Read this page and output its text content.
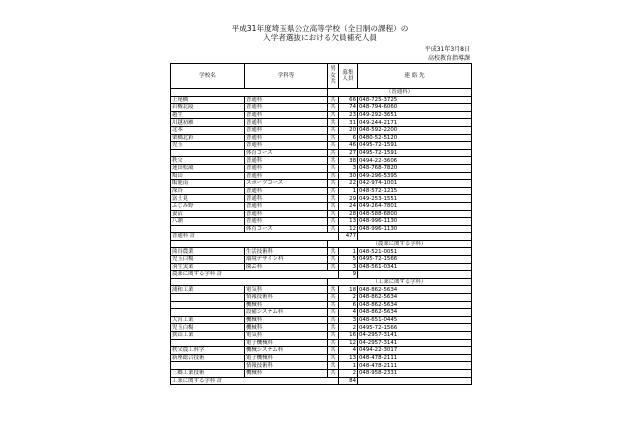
平成31年度埼玉県公立高等学校（全日制の課程）の
入学者選抜における欠員補充人員
平成31年3月8日
高校教育指導課
学校名	学科等	男女共	募集人員	連 絡 先
		（普通科）		
上尾橋	普通科	共	66	048-725-3725
岩槻北陵	普通科	共	74	048-794-6060
越生	普通科	共	23	049-292-3651
川越初雁	普通科	共	31	049-244-2171
北本	普通科	共	20	048-592-2200
栗橋北彩	普通科	共	6	0480-52-5120
児玉	普通科	共	46	0495-72-1591
	体育コース	共	27	0495-72-1591
秩父	普通科	共	38	0494-22-3606
蓮田松韻	普通科	共	3	048-768-7820
鳩山	普通科	共	30	049-296-5395
飯能南	スポーツコース	共	22	042-974-1001
深谷	普通科	共	1	048-572-1215
富士見	普通科	共	29	049-253-1551
ふじみ野	普通科	共	24	049-264-7801
妻沼	普通科	共	28	048-588-6800
八潮	普通科	共	13	048-996-1130
	体育コース	共	12	048-996-1130
普通科 計			477	
		（農業に関する学科）		
熊谷農業	生活技術科	共	1	048-521-0051
児玉白楊	環境デザイン科	共	5	0495-72-1566
羽生実業	園芸科	共	3	048-561-0341
農業に関する学科 計			9	
		（工業に関する学科）		
浦和工業	電気科	共	18	048-862-5634
	情報技術科	共	2	048-862-5634
	機械科	共	6	048-862-5634
	設備システム科	共	4	048-862-5634
大宮工業	機械科	共	3	048-651-0445
児玉白楊	機械科	共	2	0495-72-1566
狭山工業	電気科	共	16	04-2957-3141
	電子機械科	共	12	04-2957-3141
秩父農工科学	機械システム科	共	4	0494-22-3017
新座総合技術	電子機械科	共	13	048-478-2111
	情報技術科	共	1	048-478-2111
三郷工業技術	機械科	共	2	048-958-2331
工業に関する学科 計			84	
